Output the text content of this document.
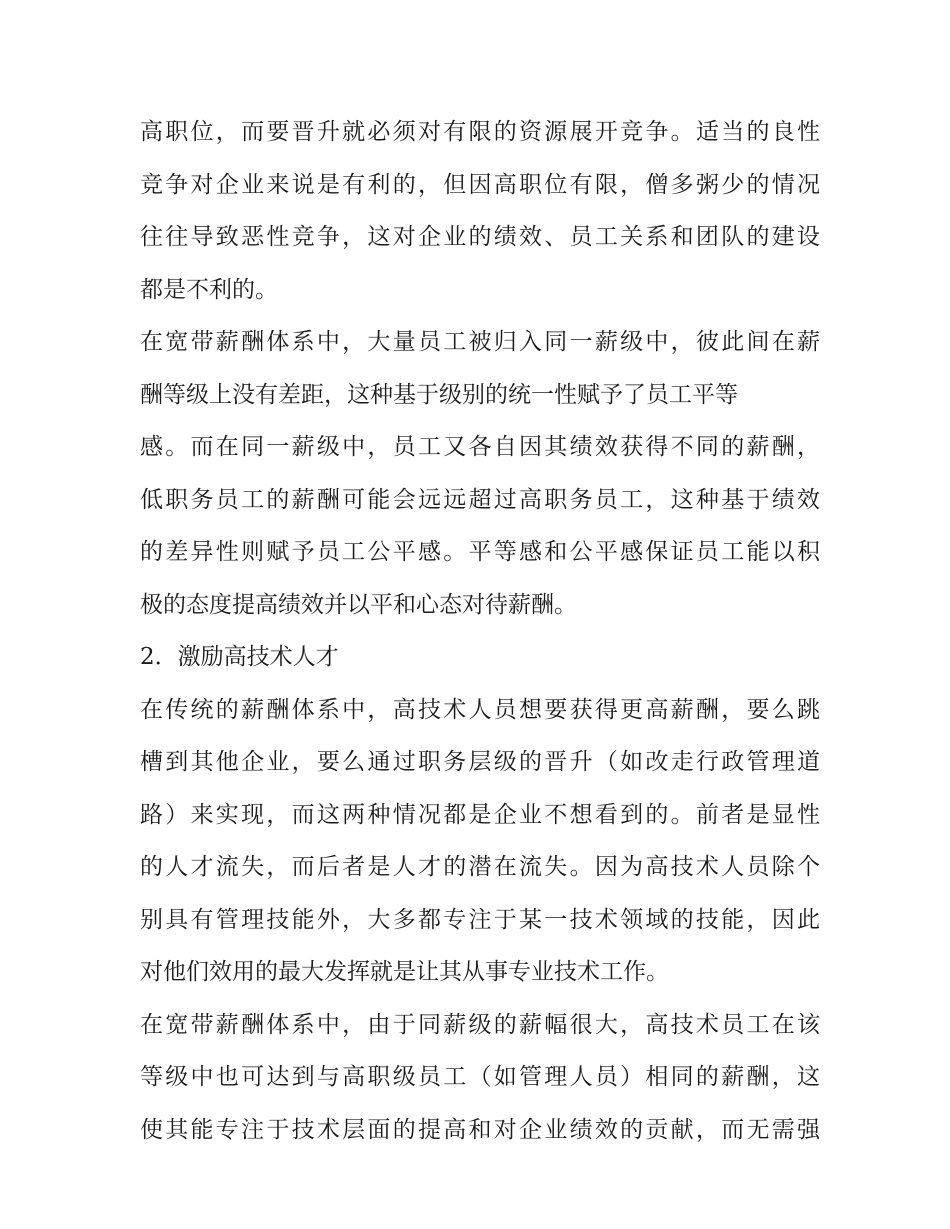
高职位，而要晋升就必须对有限的资源展开竞争。适当的良性
竞争对企业来说是有利的，但因高职位有限，僧多粥少的情况
往往导致恶性竞争，这对企业的绩效、员工关系和团队的建设
都是不利的。
在宽带薪酬体系中，大量员工被归入同一薪级中，彼此间在薪
酬等级上没有差距，这种基于级别的统一性赋予了员工平等
感。而在同一薪级中，员工又各自因其绩效获得不同的薪酬，
低职务员工的薪酬可能会远远超过高职务员工，这种基于绩效
的差异性则赋予员工公平感。平等感和公平感保证员工能以积
极的态度提高绩效并以平和心态对待薪酬。
2．激励高技术人才
在传统的薪酬体系中，高技术人员想要获得更高薪酬，要么跳
槽到其他企业，要么通过职务层级的晋升（如改走行政管理道
路）来实现，而这两种情况都是企业不想看到的。前者是显性
的人才流失，而后者是人才的潜在流失。因为高技术人员除个
别具有管理技能外，大多都专注于某一技术领域的技能，因此
对他们效用的最大发挥就是让其从事专业技术工作。
在宽带薪酬体系中，由于同薪级的薪幅很大，高技术员工在该
等级中也可达到与高职级员工（如管理人员）相同的薪酬，这
使其能专注于技术层面的提高和对企业绩效的贡献，而无需强
